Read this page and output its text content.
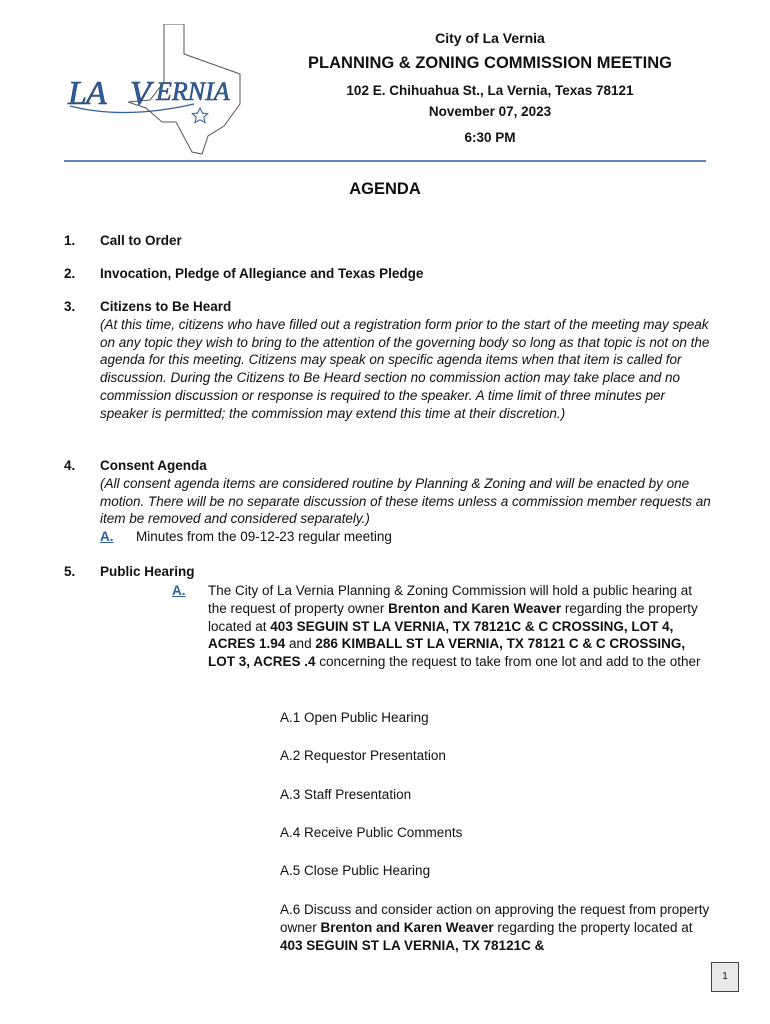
LA V ERNIA
City of La Vernia
PLANNING & ZONING COMMISSION MEETING
102 E. Chihuahua St., La Vernia, Texas 78121
November 07, 2023
6:30 PM
AGENDA
1. Call to Order
2. Invocation, Pledge of Allegiance and Texas Pledge
3. Citizens to Be Heard
(At this time, citizens who have filled out a registration form prior to the start of the meeting may speak on any topic they wish to bring to the attention of the governing body so long as that topic is not on the agenda for this meeting. Citizens may speak on specific agenda items when that item is called for discussion. During the Citizens to Be Heard section no commission action may take place and no commission discussion or response is required to the speaker. A time limit of three minutes per speaker is permitted; the commission may extend this time at their discretion.)
4. Consent Agenda
(All consent agenda items are considered routine by Planning & Zoning and will be enacted by one motion. There will be no separate discussion of these items unless a commission member requests an item be removed and considered separately.)
A.	Minutes from the 09-12-23 regular meeting
5. Public Hearing
A.	The City of La Vernia Planning & Zoning Commission will hold a public hearing at the request of property owner Brenton and Karen Weaver regarding the property located at 403 SEGUIN ST LA VERNIA, TX 78121C & C CROSSING, LOT 4, ACRES 1.94 and 286 KIMBALL ST LA VERNIA, TX 78121 C & C CROSSING, LOT 3, ACRES .4 concerning the request to take from one lot and add to the other
A.1 Open Public Hearing
A.2 Requestor Presentation
A.3 Staff Presentation
A.4 Receive Public Comments
A.5 Close Public Hearing
A.6 Discuss and consider action on approving the request from property owner Brenton and Karen Weaver regarding the property located at 403 SEGUIN ST LA VERNIA, TX 78121C &
1
